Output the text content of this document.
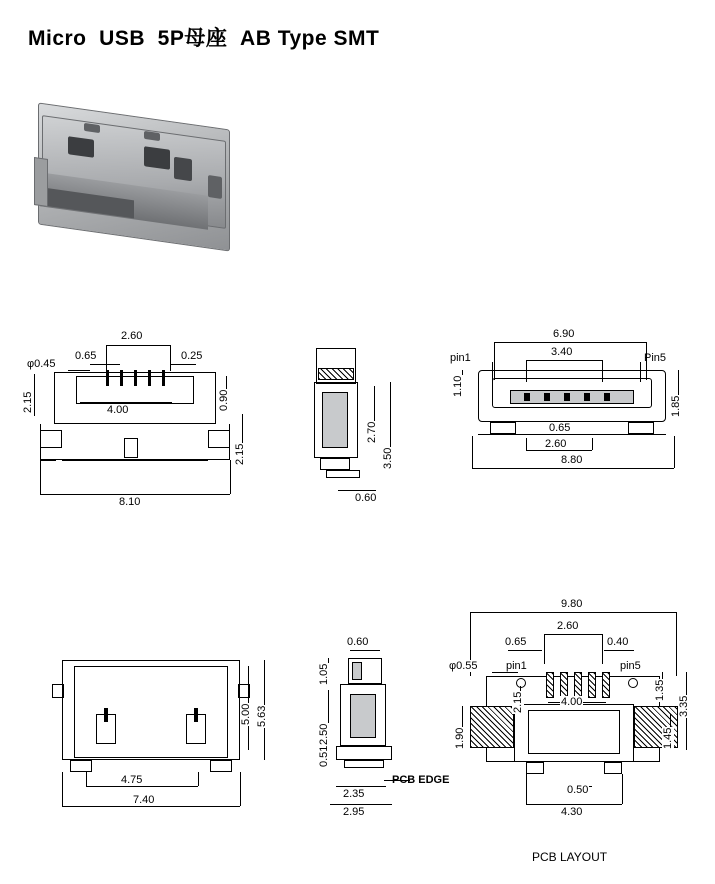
Micro  USB  5P母座  AB Type SMT
2.60
0.65	0.25
φ0.45
2.15	4.00	0.90
2.15
8.10
2.70
3.50
0.60
6.90
3.40
pin1	Pin5
1.10
1.85
0.65
2.60
8.80
5.00 5.63
4.75
7.40
0.60
1.05
2.50
0.51
PCB EDGE
2.35
2.95
9.80
2.60
0.65	0.40
φ0.55	pin1	pin5
1.35
4.00	3.35
2.15
1.90	1.45
0.50
4.30
PCB LAYOUT
